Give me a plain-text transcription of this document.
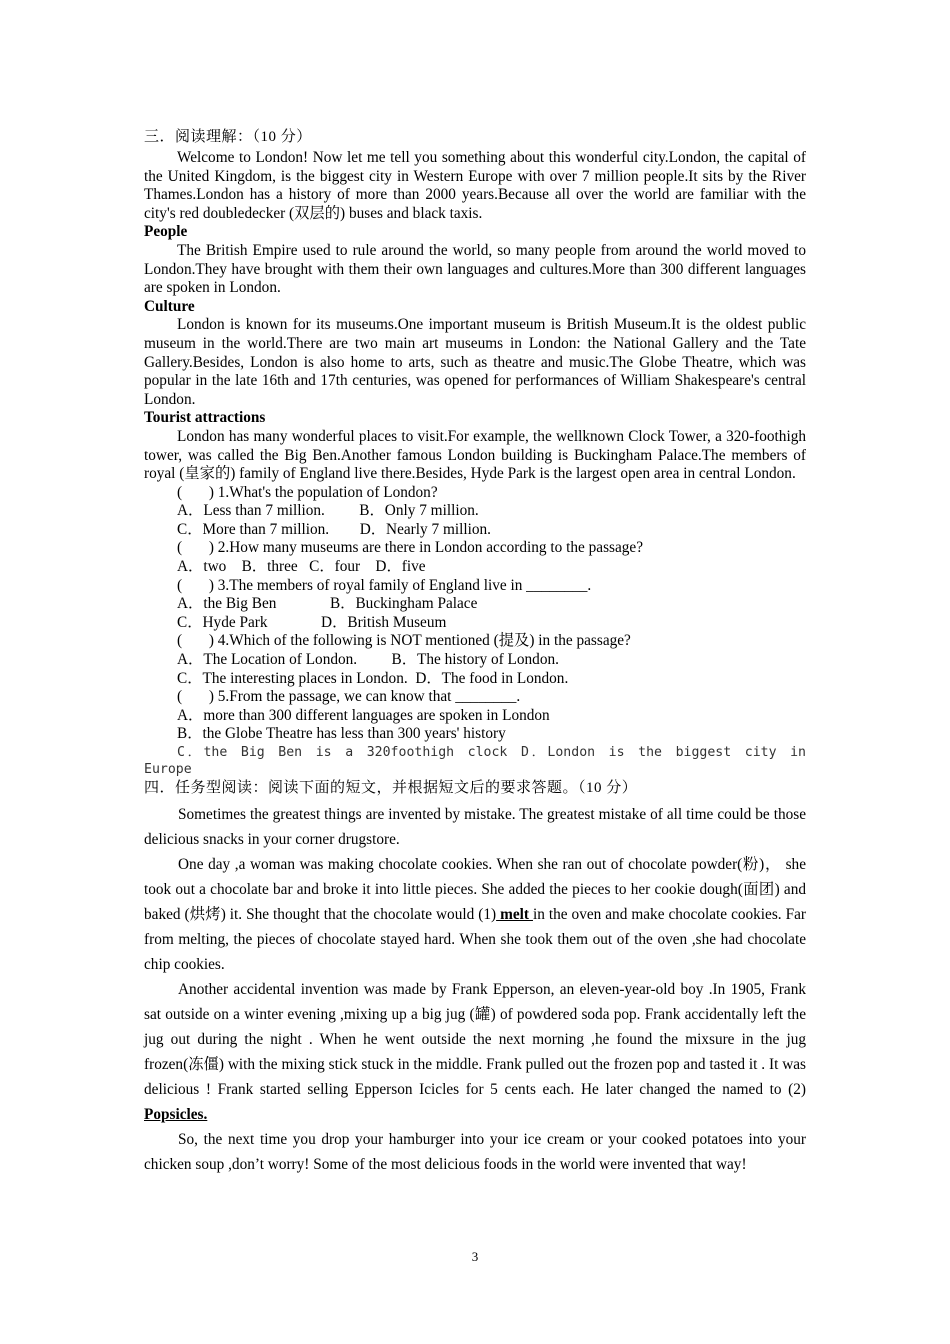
三．阅读理解：（10 分）

Welcome to London! Now let me tell you something about this wonderful city.London, the capital of the United Kingdom, is the biggest city in Western Europe with over 7 million people.It sits by the River Thames.London has a history of more than 2000 years.Because all over the world are familiar with the city's red doubledecker (双层的) buses and black taxis.

People

The British Empire used to rule around the world, so many people from around the world moved to London.They have brought with them their own languages and cultures.More than 300 different languages are spoken in London.

Culture

London is known for its museums.One important museum is British Museum.It is the oldest public museum in the world.There are two main art museums in London: the National Gallery and the Tate Gallery.Besides, London is also home to arts, such as theatre and music.The Globe Theatre, which was popular in the late 16th and 17th centuries, was opened for performances of William Shakespeare's central London.

Tourist attractions

London has many wonderful places to visit.For example, the wellknown Clock Tower, a 320-foothigh tower, was called the Big Ben.Another famous London building is Buckingham Palace.The members of royal (皇家的) family of England live there.Besides, Hyde Park is the largest open area in central London.

(       ) 1.What's the population of London?

A．Less than 7 million.         B．Only 7 million.

C．More than 7 million.        D．Nearly 7 million.

(       ) 2.How many museums are there in London according to the passage?

A．two    B．three   C．four    D．five

(       ) 3.The members of royal family of England live in ________.

A．the Big Ben              B．Buckingham Palace

C．Hyde Park              D．British Museum

(       ) 4.Which of the following is NOT mentioned (提及) in the passage?

A．The Location of London.         B．The history of London.

C．The interesting places in London.  D．The food in London.

(       ) 5.From the passage, we can know that ________.

A．more than 300 different languages are spoken in London

B．the Globe Theatre has less than 300 years' history

C．the Big Ben is a 320foothigh clock D．London is the biggest city in Europe

四．任务型阅读：阅读下面的短文，并根据短文后的要求答题。（10 分）

Sometimes the greatest things are invented by mistake. The greatest mistake of all time could be those delicious snacks in your corner drugstore.

One day ,a woman was making chocolate cookies. When she ran out of chocolate powder(粉)， she took out a chocolate bar and broke it into little pieces. She added the pieces to her cookie dough(面团) and baked (烘烤) it. She thought that the chocolate would (1) melt in the oven and make chocolate cookies. Far from melting, the pieces of chocolate stayed hard. When she took them out of the oven ,she had chocolate chip cookies.

Another accidental invention was made by Frank Epperson, an eleven-year-old boy .In 1905, Frank sat outside on a winter evening ,mixing up a big jug (罐) of powdered soda pop. Frank accidentally left the jug out during the night . When he went outside the next morning ,he found the mixsure in the jug frozen(冻僵) with the mixing stick stuck in the middle. Frank pulled out the frozen pop and tasted it . It was delicious ! Frank started selling Epperson Icicles for 5 cents each. He later changed the named to (2) Popsicles.

So, the next time you drop your hamburger into your ice cream or your cooked potatoes into your chicken soup ,don’t worry! Some of the most delicious foods in the world were invented that way!

3
